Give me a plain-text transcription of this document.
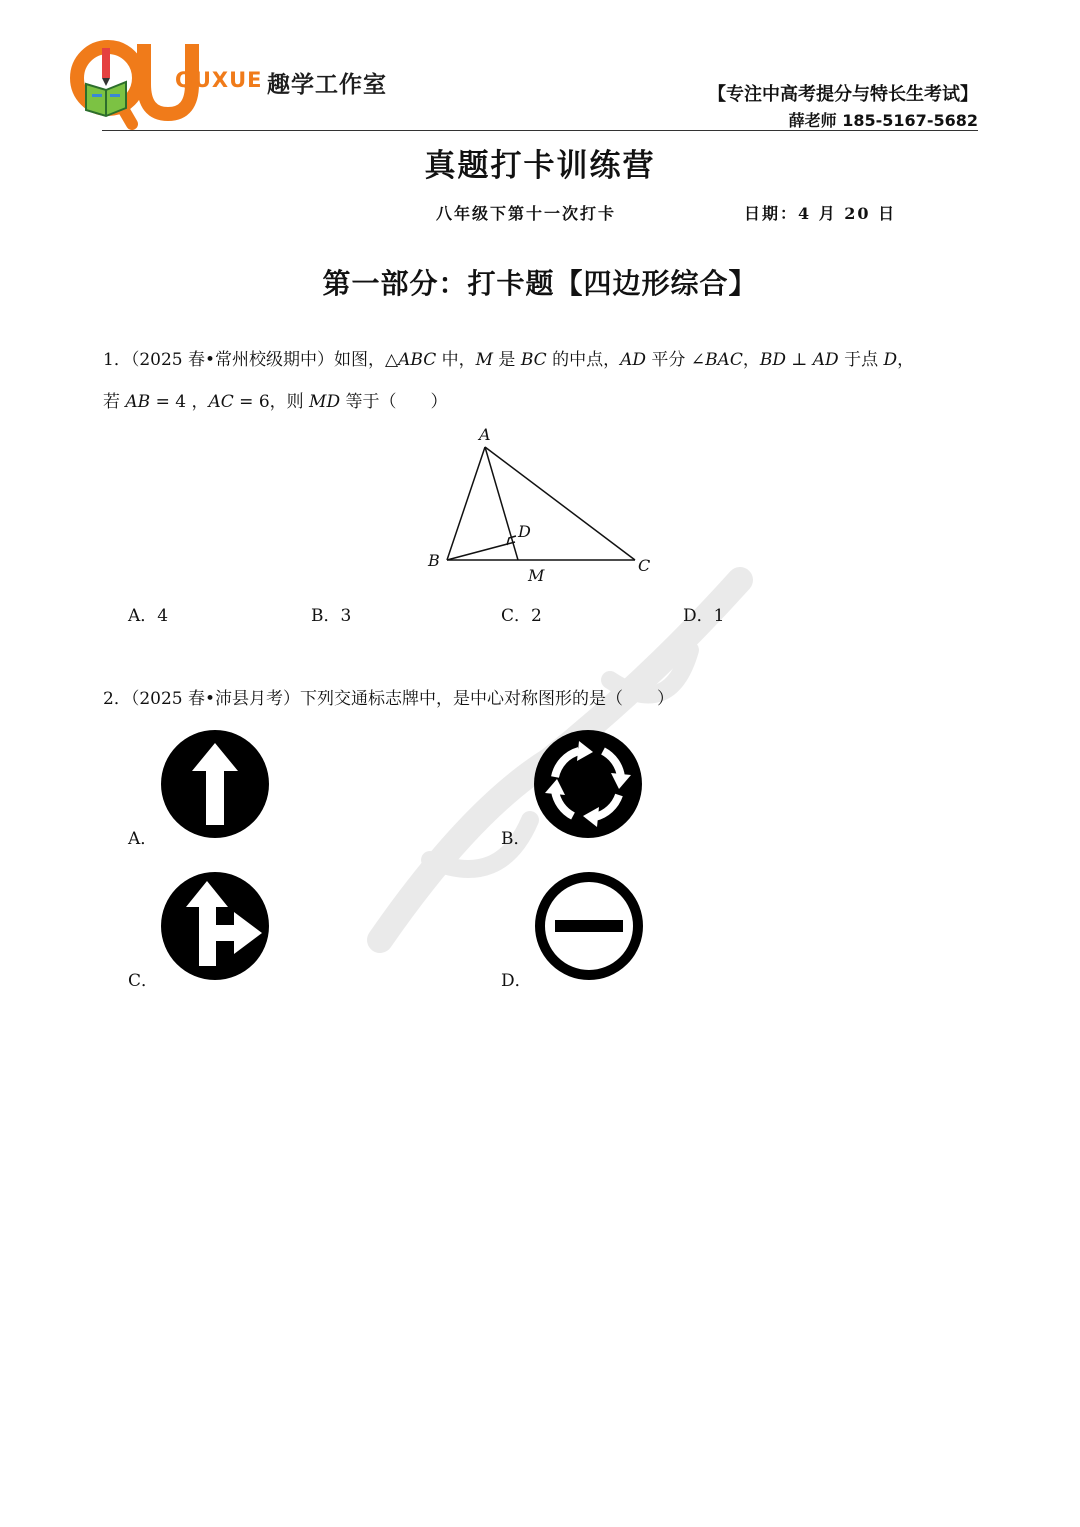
QUXUE 趣学工作室	【专注中高考提分与特长生考试】
薛老师 185-5167-5682
真题打卡训练营
八年级下第十一次打卡	日期：4 月 20 日
第一部分：打卡题【四边形综合】
1．（2025 春•常州校级期中）如图，△ABC 中，M 是 BC 的中点，AD 平分 ∠BAC，BD ⊥ AD 于点 D，
若 AB = 4 ，AC = 6，则 MD 等于（　　）
A
B	C
D
M
A．4	B．3	C．2	D．1
2．（2025 春•沛县月考）下列交通标志牌中，是中心对称图形的是（　　）
A．	B．
C．	D．
